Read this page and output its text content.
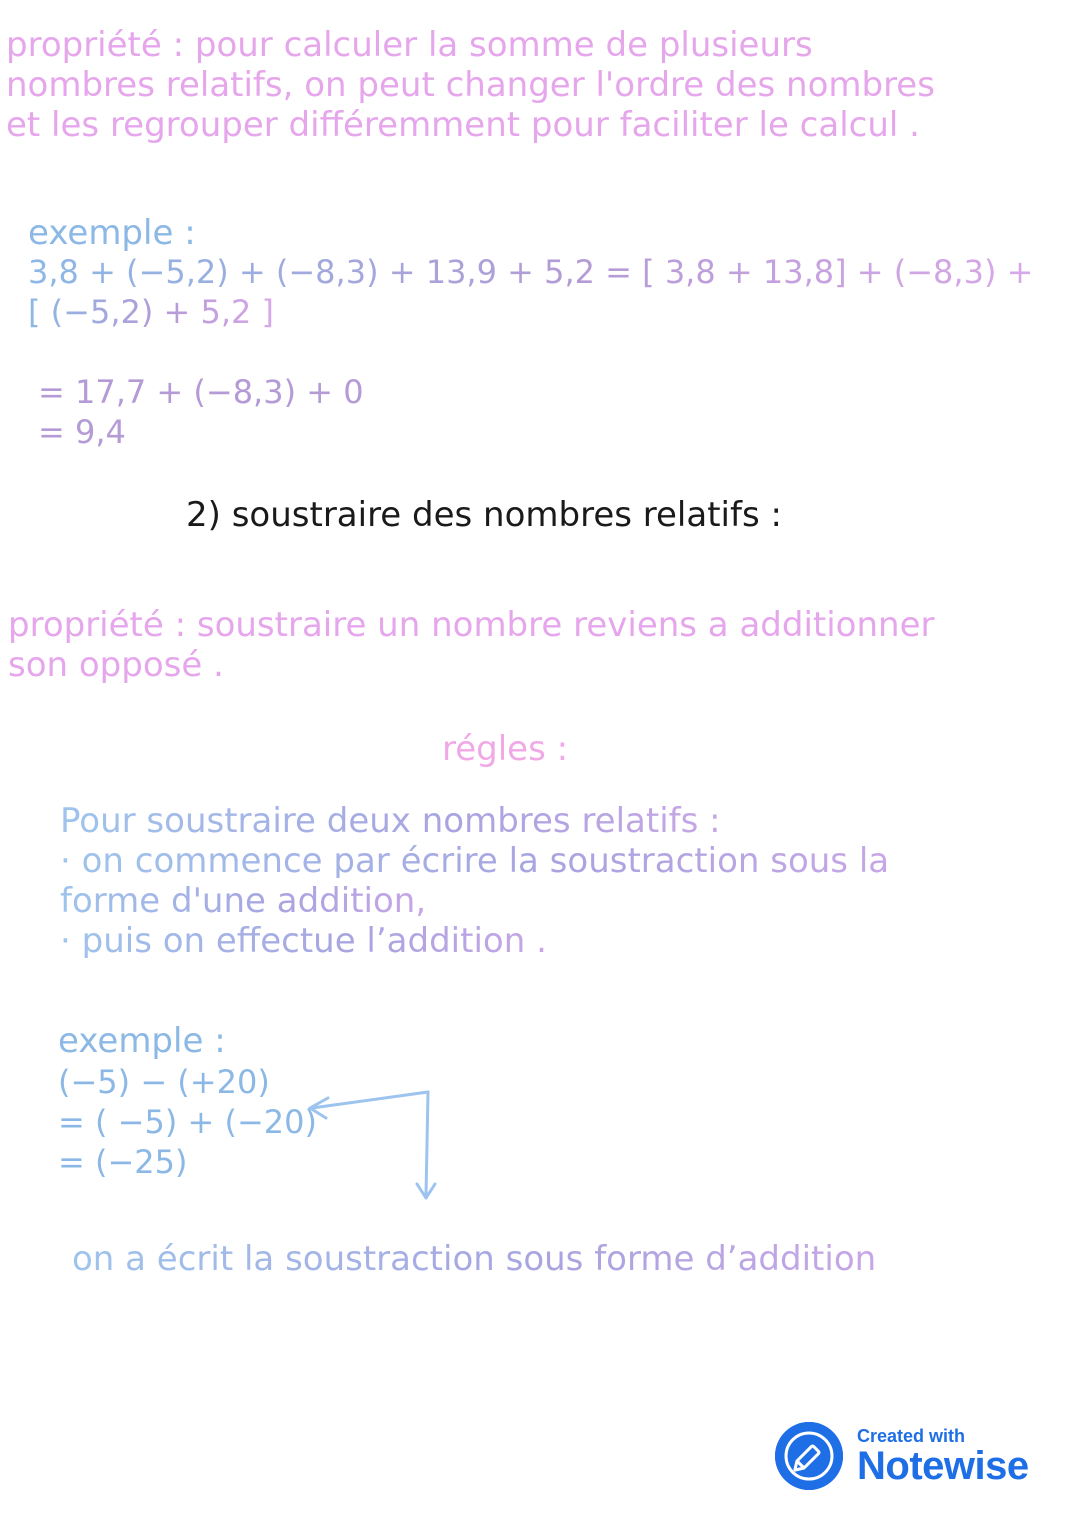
propriété : pour calculer la somme de plusieurs
nombres relatifs, on peut changer l'ordre des nombres
et les regrouper différemment pour faciliter le calcul .
exemple :
3,8 + (−5,2) + (−8,3) + 13,9 + 5,2 = [ 3,8 + 13,8] + (−8,3) +
[ (−5,2) + 5,2 ]
= 17,7 + (−8,3) + 0
= 9,4
2) soustraire des nombres relatifs :
propriété : soustraire un nombre reviens a additionner
son opposé .
régles :
Pour soustraire deux nombres relatifs :
· on commence par écrire la soustraction sous la
forme d'une addition,
· puis on effectue l’addition .
exemple :
(−5) − (+20)
= ( −5) + (−20)
= (−25)
on a écrit la soustraction sous forme d’addition
Created with
Notewise
